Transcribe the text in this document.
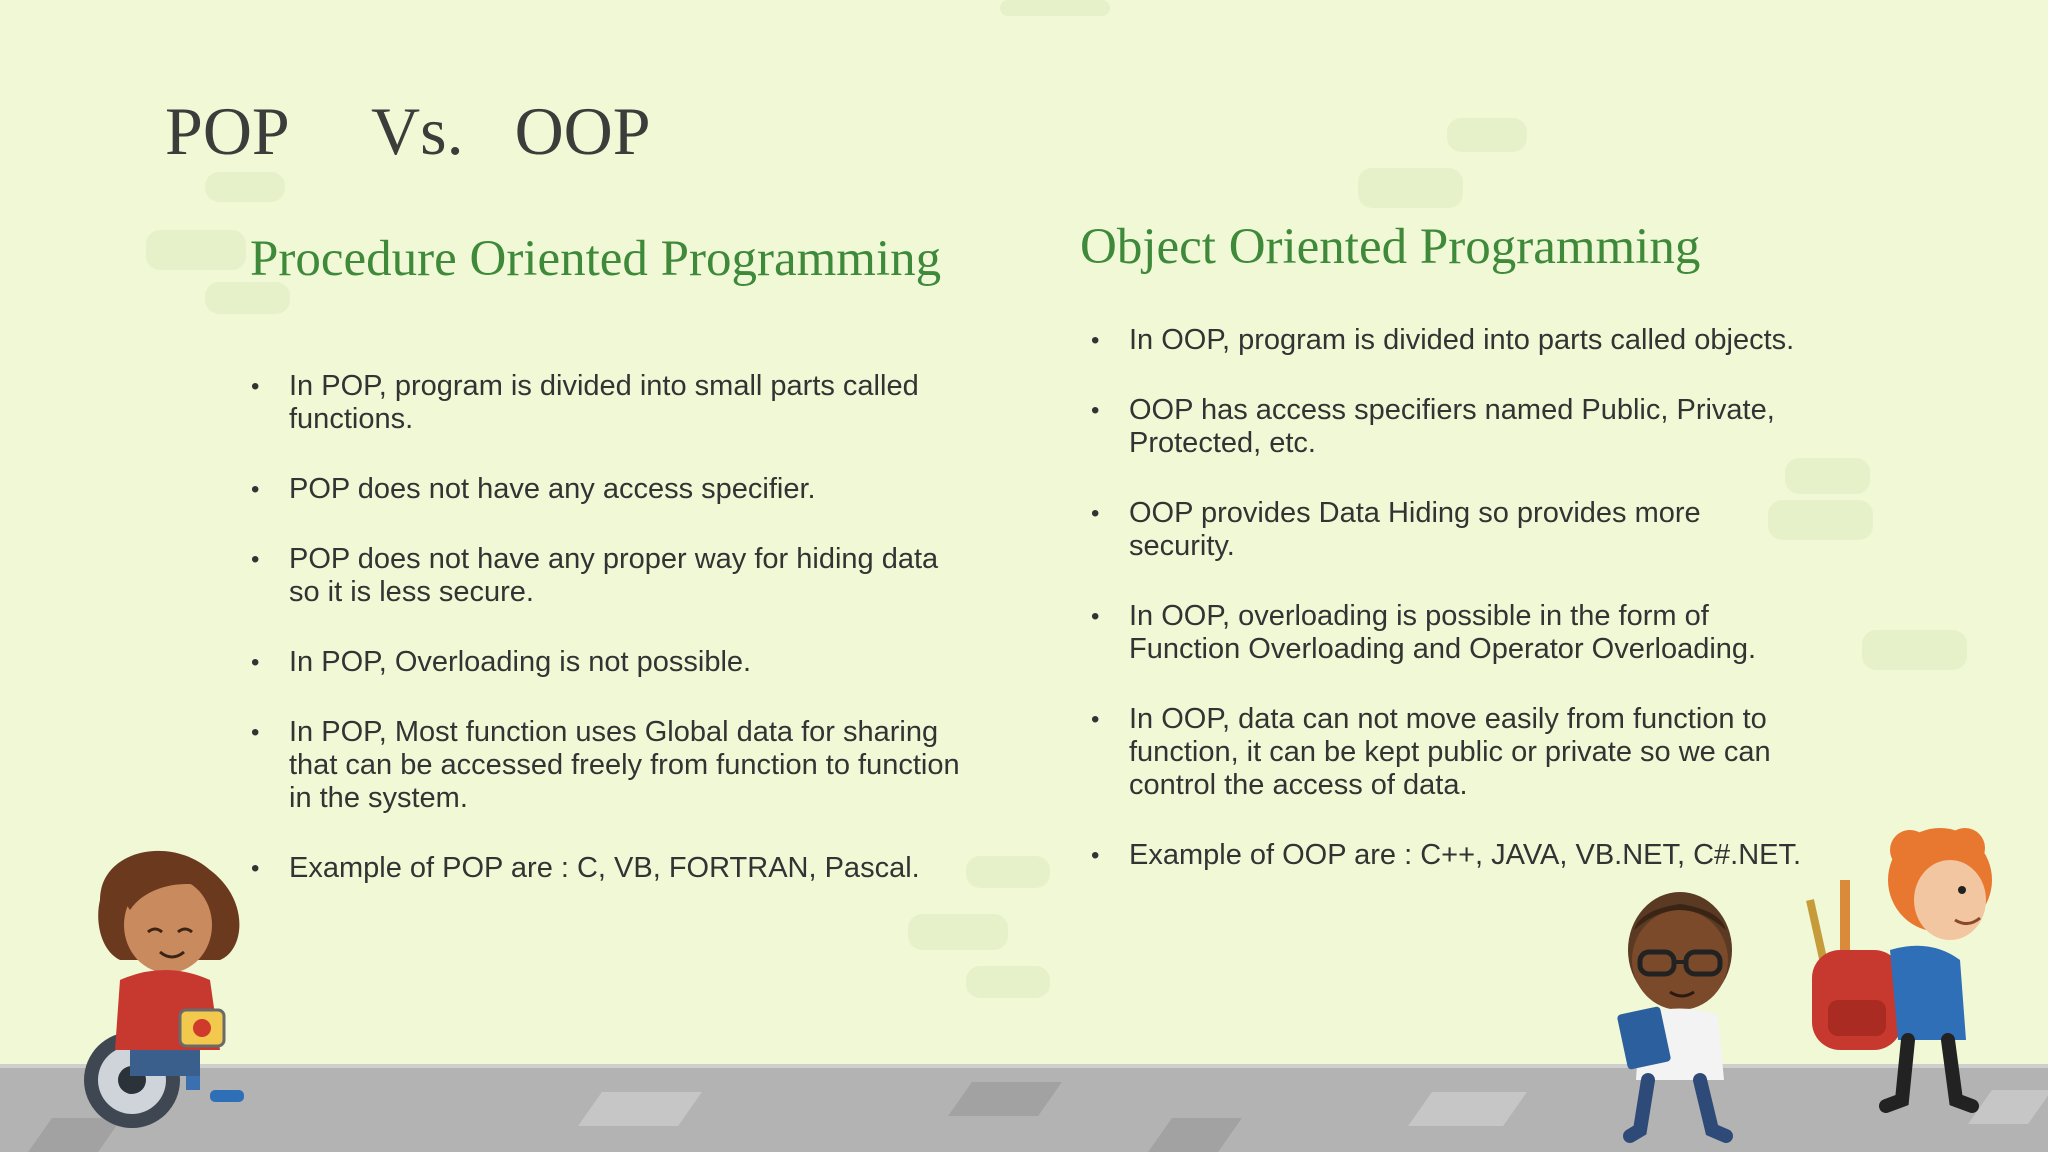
POP     Vs.   OOP
Procedure Oriented Programming	Object Oriented Programming
• In POP, program is divided into small parts called functions.
• POP does not have any access specifier.
• POP does not have any proper way for hiding data so it is less secure.
• In POP, Overloading is not possible.
• In POP, Most function uses Global data for sharing that can be accessed freely from function to function in the system.
• Example of POP are : C, VB, FORTRAN, Pascal.
• In OOP, program is divided into parts called objects.
• OOP has access specifiers named Public, Private, Protected, etc.
• OOP provides Data Hiding so provides more security.
• In OOP, overloading is possible in the form of Function Overloading and Operator Overloading.
• In OOP, data can not move easily from function to function, it can be kept public or private so we can control the access of data.
• Example of OOP are : C++, JAVA, VB.NET, C#.NET.
